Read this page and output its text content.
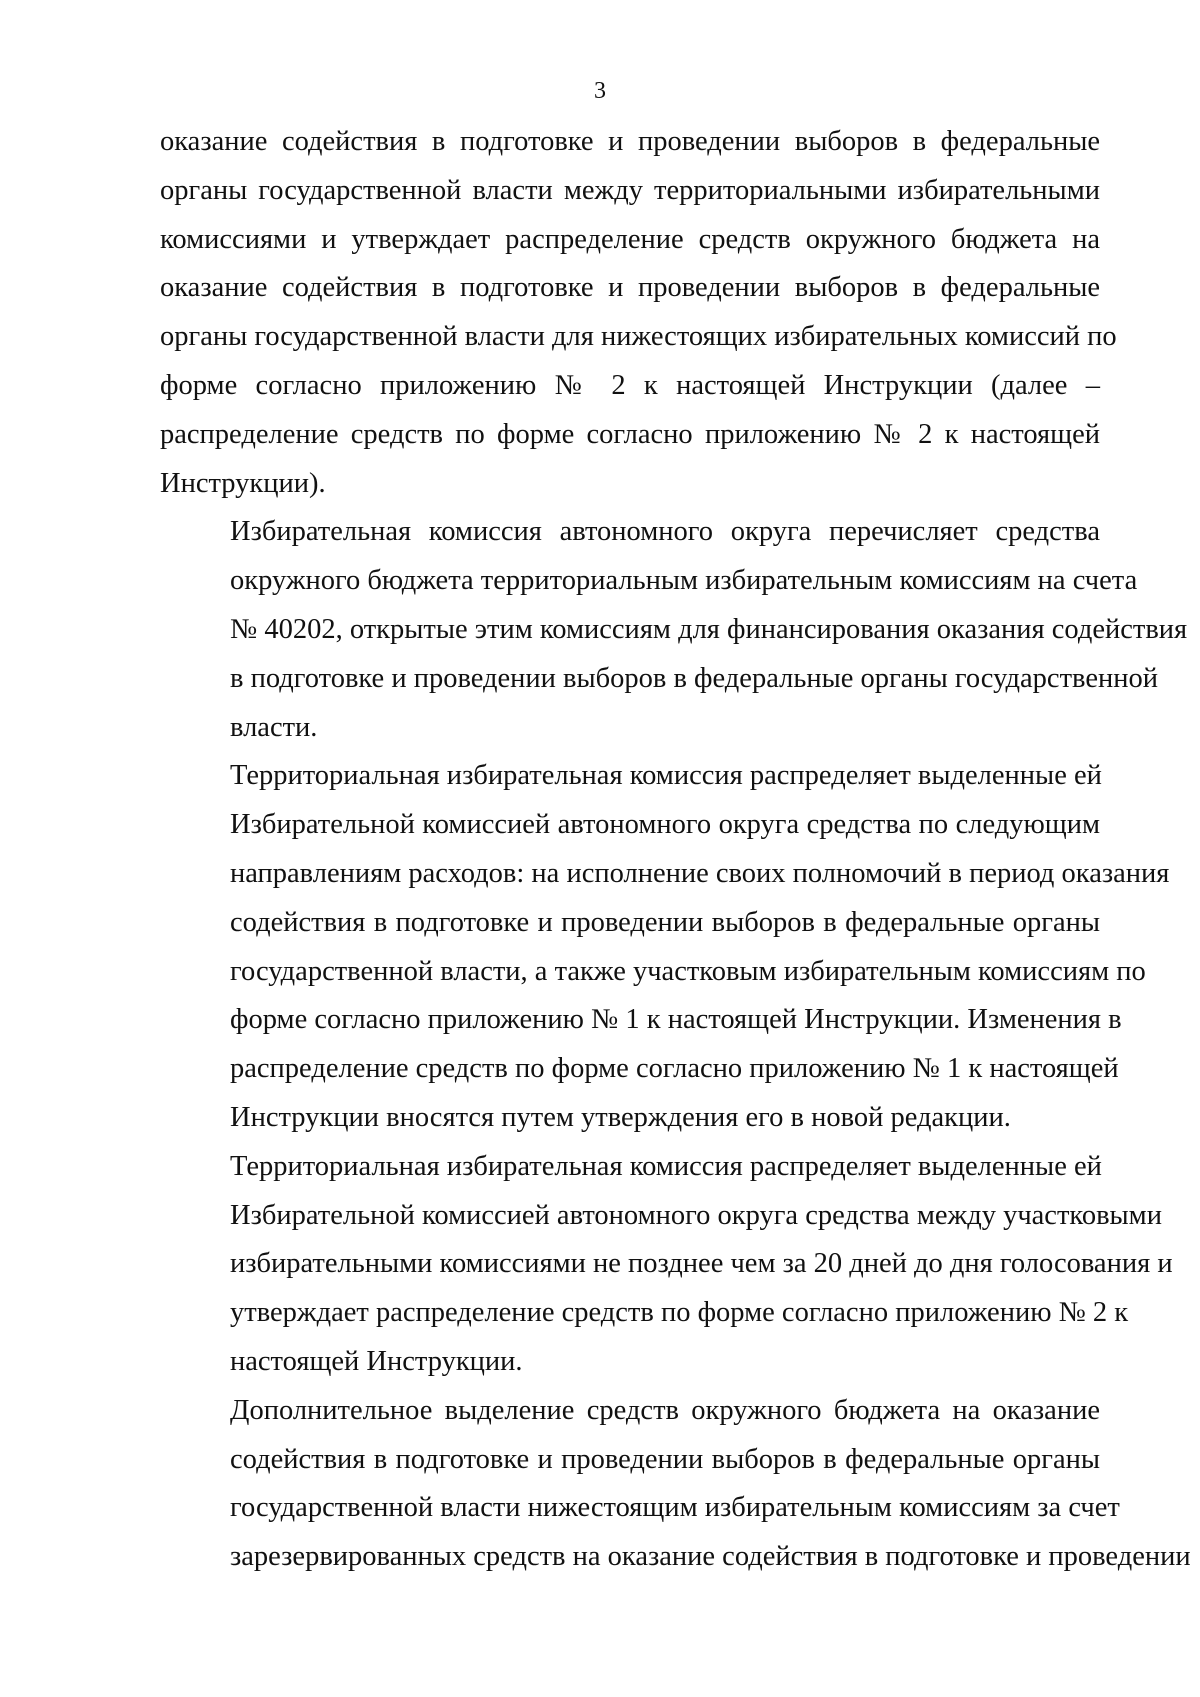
3

оказание содействия в подготовке и проведении выборов в федеральные
органы государственной власти между территориальными избирательными
комиссиями и утверждает распределение средств окружного бюджета на
оказание содействия в подготовке и проведении выборов в федеральные
органы государственной власти для нижестоящих избирательных комиссий по
форме согласно приложению № 2 к настоящей Инструкции (далее –
распределение средств по форме согласно приложению № 2 к настоящей
Инструкции).

Избирательная комиссия автономного округа перечисляет средства
окружного бюджета территориальным избирательным комиссиям на счета
№ 40202, открытые этим комиссиям для финансирования оказания содействия
в подготовке и проведении выборов в федеральные органы государственной
власти.

Территориальная избирательная комиссия распределяет выделенные ей
Избирательной комиссией автономного округа средства по следующим
направлениям расходов: на исполнение своих полномочий в период оказания
содействия в подготовке и проведении выборов в федеральные органы
государственной власти, а также участковым избирательным комиссиям по
форме согласно приложению № 1 к настоящей Инструкции. Изменения в
распределение средств по форме согласно приложению № 1 к настоящей
Инструкции вносятся путем утверждения его в новой редакции.

Территориальная избирательная комиссия распределяет выделенные ей
Избирательной комиссией автономного округа средства между участковыми
избирательными комиссиями не позднее чем за 20 дней до дня голосования и
утверждает распределение средств по форме согласно приложению № 2 к
настоящей Инструкции.

Дополнительное выделение средств окружного бюджета на оказание
содействия в подготовке и проведении выборов в федеральные органы
государственной власти нижестоящим избирательным комиссиям за счет
зарезервированных средств на оказание содействия в подготовке и проведении
